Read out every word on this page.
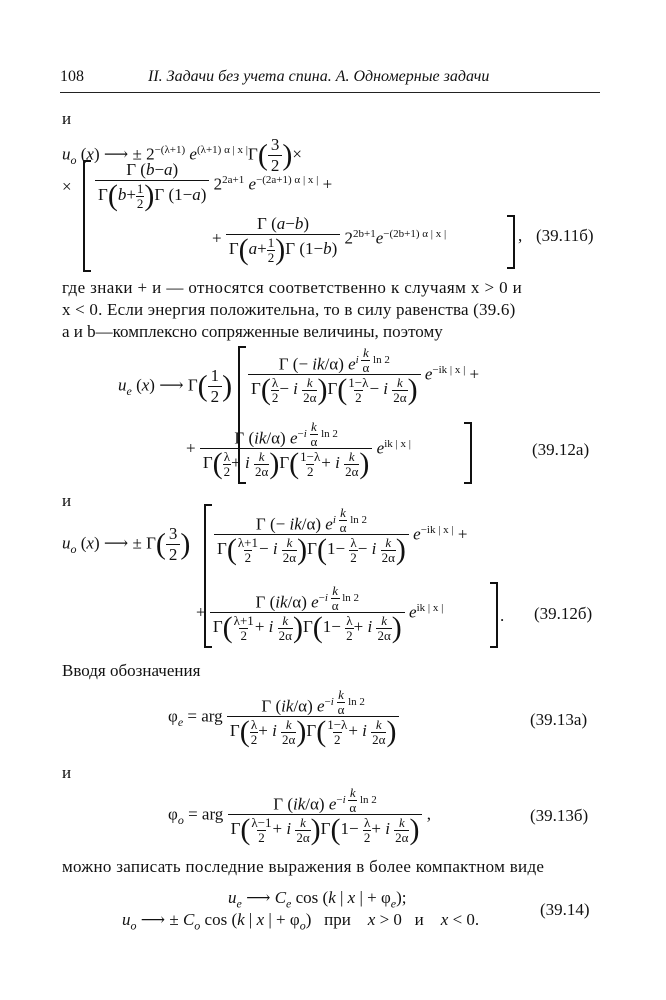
108	II. Задачи без учета спина. А. Одномерные задачи
и
$u_o$ (x) ⟶ ± $2^{-(\lambda+1)}$ $e^{(\lambda+1) \alpha | x |}\Gamma( \frac{3}{2}$ )×
× $\frac{\Gamma (b-a)}{\Gamma(b+ \frac{1}{2} )\Gamma (1-a)} 2^{2a+1}$ $e^{-(2a+1) \alpha | x |}$ +
+ $\frac{\Gamma (a-b)}{\Gamma(a+ \frac{1}{2} )\Gamma (1-b)} 2^{2b+1}e^{-(2b+1) \alpha | x |}$	, (39.11б)
где знаки + и — относятся соответственно к случаям x > 0 и
x < 0. Если энергия положительна, то в силу равенства (39.6)
a и b—комплексно сопряженные величины, поэтому
$u_e$ (x) ⟶ $\Gamma( \frac{1}{2}$ ) Γ (− ik/α) $e^{i \frac{k}{\alpha} ln 2}$
$\Gamma( \frac{\lambda}{2} - i \frac{k}{2\alpha} )\Gamma( \frac{1-\lambda}{2} - i \frac{k}{2\alpha}$ ) $e^{-ik | x |}$ +
+ Γ (ik/α) $e^{-i \frac{k}{\alpha} ln 2}$
$\Gamma( \frac{\lambda}{2} + i \frac{k}{2\alpha} )\Gamma( \frac{1-\lambda}{2} + i \frac{k}{2\alpha}$ ) $e^{ik | x |}$	(39.12а)
и
$u_o$ (x) ⟶ ± $\Gamma( \frac{3}{2}$ ) Γ (− ik/α) $e^{i \frac{k}{\alpha} ln 2}$
$\Gamma( \frac{\lambda+1}{2} - i \frac{k}{2\alpha} )\Gamma(1- \frac{\lambda}{2} - i \frac{k}{2\alpha}$ ) $e^{-ik | x |}$ +
+ Γ (ik/α) $e^{-i \frac{k}{\alpha} ln 2}$
$\Gamma( \frac{\lambda+1}{2} + i \frac{k}{2\alpha} )\Gamma(1- \frac{\lambda}{2} + i \frac{k}{2\alpha}$ ) $e^{ik | x |}$	. (39.12б)
Вводя обозначения
$\varphi_e$ = arg Γ (ik/α) $e^{-i \frac{k}{\alpha} ln 2}$
$\Gamma( \frac{\lambda}{2} + i \frac{k}{2\alpha} )\Gamma( \frac{1-\lambda}{2} + i \frac{k}{2\alpha}$ )	(39.13а)
и
$\varphi_o$ = arg Γ (ik/α) $e^{-i \frac{k}{\alpha} ln 2}$
$\Gamma( \frac{\lambda-1}{2} + i \frac{k}{2\alpha} )\Gamma(1- \frac{\lambda}{2} + i \frac{k}{2\alpha}$ ) ,	(39.13б)
можно записать последние выражения в более компактном виде
$u_e$ ⟶ $C_e$ cos (k | x | + $\varphi_e$);
$u_o$ ⟶ ± $C_o$ cos (k | x | + $\varphi_o$)   при    x > 0   и    x < 0.
(39.14)
